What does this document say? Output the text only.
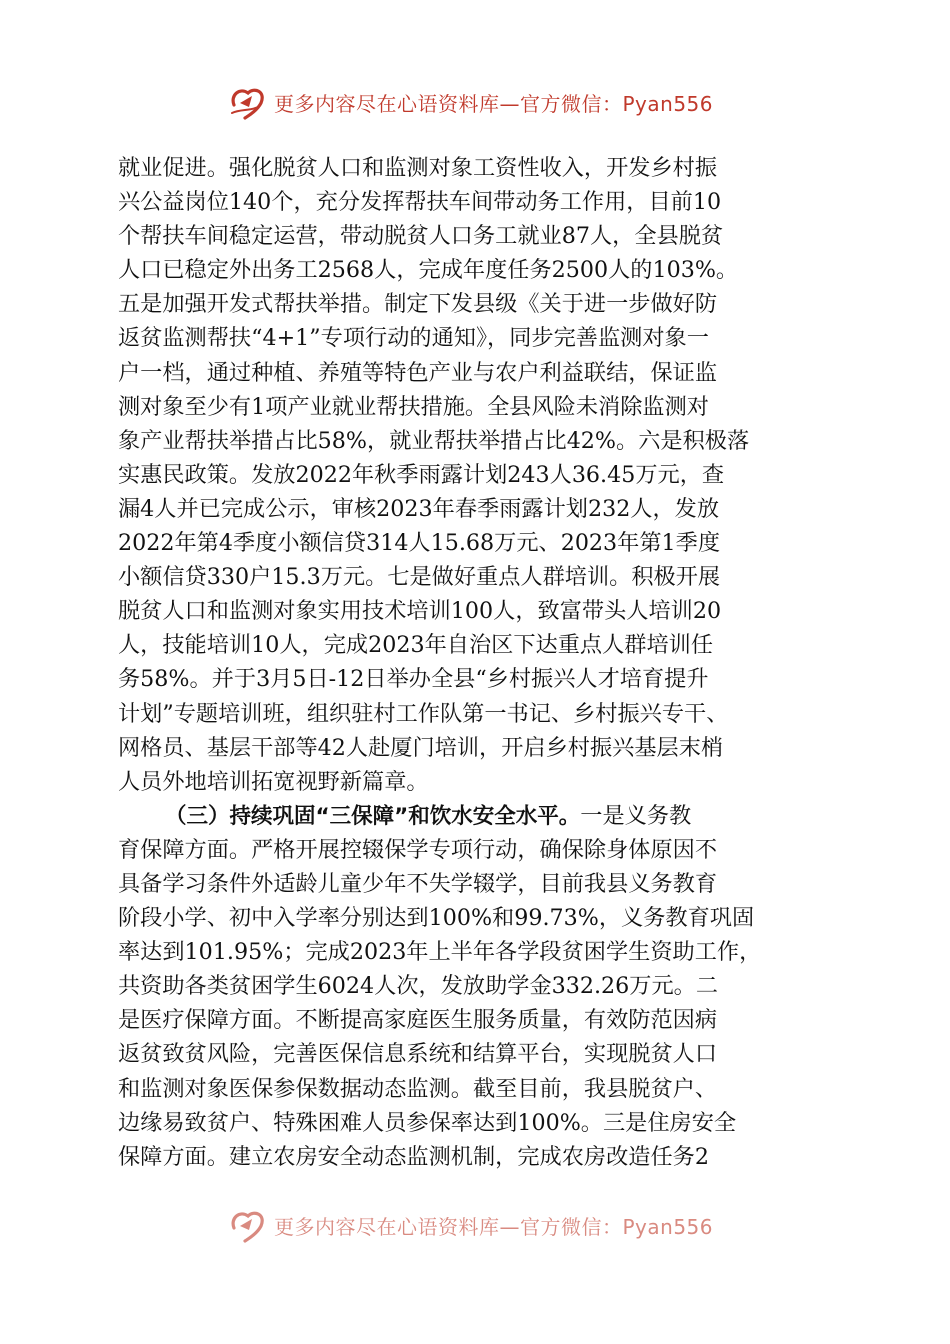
更多内容尽在心语资料库—官方微信：Pyan556
就业促进。强化脱贫人口和监测对象工资性收入，开发乡村振
兴公益岗位140个，充分发挥帮扶车间带动务工作用，目前10
个帮扶车间稳定运营，带动脱贫人口务工就业87人，全县脱贫
人口已稳定外出务工2568人，完成年度任务2500人的103%。
五是加强开发式帮扶举措。制定下发县级《关于进一步做好防
返贫监测帮扶“4+1”专项行动的通知》，同步完善监测对象一
户一档，通过种植、养殖等特色产业与农户利益联结，保证监
测对象至少有1项产业就业帮扶措施。全县风险未消除监测对
象产业帮扶举措占比58%，就业帮扶举措占比42%。六是积极落
实惠民政策。发放2022年秋季雨露计划243人36.45万元，查
漏4人并已完成公示，审核2023年春季雨露计划232人，发放
2022年第4季度小额信贷314人15.68万元、2023年第1季度
小额信贷330户15.3万元。七是做好重点人群培训。积极开展
脱贫人口和监测对象实用技术培训100人，致富带头人培训20
人，技能培训10人，完成2023年自治区下达重点人群培训任
务58%。并于3月5日-12日举办全县“乡村振兴人才培育提升
计划”专题培训班，组织驻村工作队第一书记、乡村振兴专干、
网格员、基层干部等42人赴厦门培训，开启乡村振兴基层末梢
人员外地培训拓宽视野新篇章。
（三）持续巩固“三保障”和饮水安全水平。一是义务教
育保障方面。严格开展控辍保学专项行动，确保除身体原因不
具备学习条件外适龄儿童少年不失学辍学，目前我县义务教育
阶段小学、初中入学率分别达到100%和99.73%，义务教育巩固
率达到101.95%；完成2023年上半年各学段贫困学生资助工作，
共资助各类贫困学生6024人次，发放助学金332.26万元。二
是医疗保障方面。不断提高家庭医生服务质量，有效防范因病
返贫致贫风险，完善医保信息系统和结算平台，实现脱贫人口
和监测对象医保参保数据动态监测。截至目前，我县脱贫户、
边缘易致贫户、特殊困难人员参保率达到100%。三是住房安全
保障方面。建立农房安全动态监测机制，完成农房改造任务2
更多内容尽在心语资料库—官方微信：Pyan556
